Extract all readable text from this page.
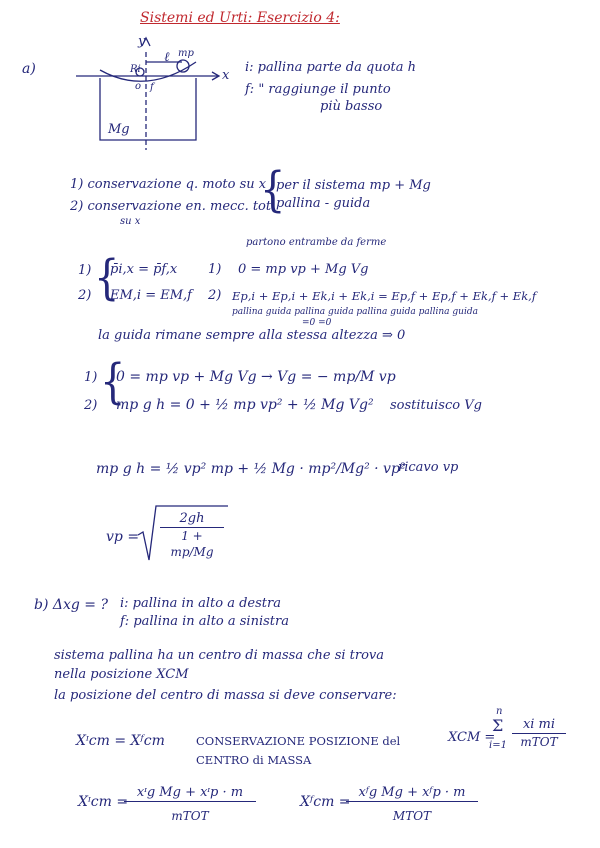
Sistemi ed Urti: Esercizio 4:
a)
y
x
ℓ mp
Ri
o f
Mg
i: pallina parte da quota h
f: " raggiunge il punto
più basso
1) conservazione q. moto su x
2) conservazione en. mecc. tot.
su x
{
per il sistema mp + Mg
pallina - guida
partono entrambe da ferme
1) {
p̄i,x = p̄f,x 1) 0 = mp vp + Mg Vg
2) EM,i = EM,f 2) Ep,i + Ep,i + Ek,i + Ek,i = Ep,f + Ep,f + Ek,f + Ek,f
pallina guida pallina guida pallina guida pallina guida
=0 =0
la guida rimane sempre alla stessa altezza ⇒ 0
1) {
0 = mp vp + Mg Vg → Vg = − mp/M vp
2) mp g h = 0 + ½ mp vp² + ½ Mg Vg² sostituisco Vg
mp g h = ½ vp² mp + ½ Mg · mp²/Mg² · vp²
ricavo vp
vp = $\frac{2gh}{1 + mp/Mg}$
b) Δxg = ? i: pallina in alto a destra
f: pallina in alto a sinistra
sistema pallina ha un centro di massa che si trova
nella posizione XCM
la posizione del centro di massa si deve conservare:
Xᶦcm = Xᶠcm	CONSERVAZIONE POSIZIONE del
CENTRO di MASSA
XCM =
n
Σ
i=1
xi mi
mTOT
Xᶦcm =
xᶦg Mg + xᶦp · m
mTOT
Xᶠcm =
xᶠg Mg + xᶠp · m
MTOT
